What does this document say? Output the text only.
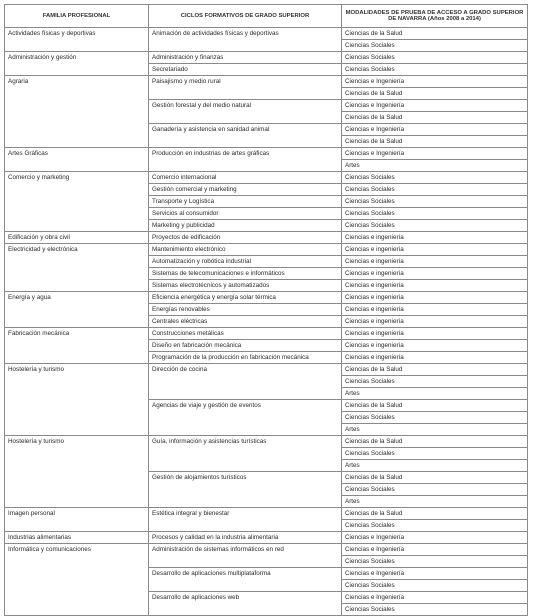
FAMILIA PROFESIONAL	CICLOS FORMATIVOS DE GRADO SUPERIOR	MODALIDADES DE PRUEBA DE ACCESO A GRADO SUPERIOR DE NAVARRA (Años 2008 a 2014)
Actividades físicas y deportivas	Animación de actividades físicas y deportivas	Ciencias de la Salud
		Ciencias Sociales
Administración y gestión	Administración y finanzas	Ciencias Sociales
	Secretariado	Ciencias Sociales
Agraria	Paisajismo y medio rural	Ciencias e Ingeniería
		Ciencias de la Salud
	Gestión forestal y del medio natural	Ciencias e Ingeniería
		Ciencias de la Salud
	Ganadería y asistencia en sanidad animal	Ciencias e Ingeniería
		Ciencias de la Salud
Artes Gráficas	Producción en industrias de artes gráficas	Ciencias e Ingeniería
		Artes
Comercio y marketing	Comercio internacional	Ciencias Sociales
	Gestión comercial y marketing	Ciencias Sociales
	Transporte y Logística	Ciencias Sociales
	Servicios al consumidor	Ciencias Sociales
	Marketing y publicidad	Ciencias Sociales
Edificación y obra civil	Proyectos de edificación	Ciencias e ingeniería
Electricidad y electrónica	Mantenimiento electrónico	Ciencias e ingeniería
	Automatización y robótica industrial	Ciencias e ingeniería
	Sistemas de telecomunicaciones e informáticos	Ciencias e ingeniería
	Sistemas electrotécnicos y automatizados	Ciencias e ingeniería
Energía y agua	Eficiencia energética y energía solar térmica	Ciencias e ingeniería
	Energías renovables	Ciencias e ingeniería
	Centrales eléctricas	Ciencias e ingeniería
Fabricación mecánica	Construcciones metálicas	Ciencias e ingeniería
	Diseño en fabricación mecánica	Ciencias e ingeniería
	Programación de la producción en fabricación mecánica	Ciencias e ingeniería
Hostelería y turismo	Dirección de cocina	Ciencias de la Salud
		Ciencias Sociales
		Artes
	Agencias de viaje y gestión de eventos	Ciencias de la Salud
		Ciencias Sociales
		Artes
Hostelería y turismo	Guía, información y asistencias turísticas	Ciencias de la Salud
		Ciencias Sociales
		Artes
	Gestión de alojamientos turísticos	Ciencias de la Salud
		Ciencias Sociales
		Artes
Imagen personal	Estética integral y bienestar	Ciencias de la Salud
		Ciencias Sociales
Industrias alimentarias	Procesos y calidad en la industria alimentaria	Ciencias e Ingeniería
Informática y comunicaciones	Administración de sistemas informáticos en red	Ciencias e Ingeniería
		Ciencias Sociales
	Desarrollo de aplicaciones multiplataforma	Ciencias e Ingeniería
		Ciencias Sociales
	Desarrollo de aplicaciones web	Ciencias e Ingeniería
		Ciencias Sociales
